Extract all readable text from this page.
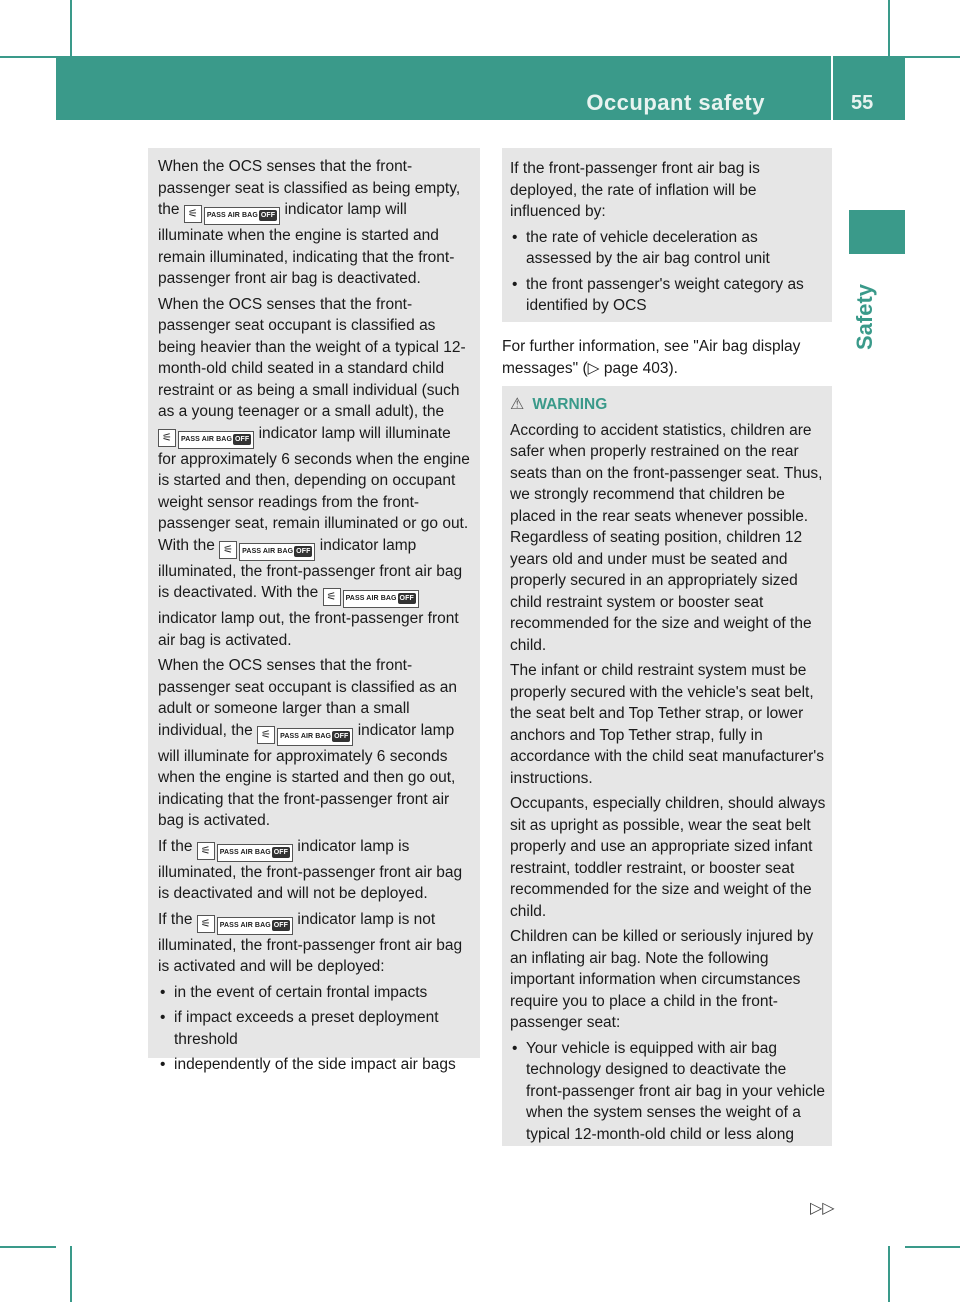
Occupant safety	55
Safety

When the OCS senses that the front-passenger seat is classified as being empty, the ⚟ PASS AIR BAG OFF indicator lamp will illuminate when the engine is started and remain illuminated, indicating that the front-passenger front air bag is deactivated.

When the OCS senses that the front-passenger seat occupant is classified as being heavier than the weight of a typical 12-month-old child seated in a standard child restraint or as being a small individual (such as a young teenager or a small adult), the ⚟ PASS AIR BAG OFF indicator lamp will illuminate for approximately 6 seconds when the engine is started and then, depending on occupant weight sensor readings from the front-passenger seat, remain illuminated or go out. With the ⚟ PASS AIR BAG OFF indicator lamp illuminated, the front-passenger front air bag is deactivated. With the ⚟ PASS AIR BAG OFF indicator lamp out, the front-passenger front air bag is activated.

When the OCS senses that the front-passenger seat occupant is classified as an adult or someone larger than a small individual, the ⚟ PASS AIR BAG OFF indicator lamp will illuminate for approximately 6 seconds when the engine is started and then go out, indicating that the front-passenger front air bag is activated.

If the ⚟ PASS AIR BAG OFF indicator lamp is illuminated, the front-passenger front air bag is deactivated and will not be deployed.

If the ⚟ PASS AIR BAG OFF indicator lamp is not illuminated, the front-passenger front air bag is activated and will be deployed:

• in the event of certain frontal impacts
• if impact exceeds a preset deployment threshold
• independently of the side impact air bags

If the front-passenger front air bag is deployed, the rate of inflation will be influenced by:

• the rate of vehicle deceleration as assessed by the air bag control unit
• the front passenger's weight category as identified by OCS
For further information, see "Air bag display messages" (▷ page 403).

⚠ WARNING

According to accident statistics, children are safer when properly restrained on the rear seats than on the front-passenger seat. Thus, we strongly recommend that children be placed in the rear seats whenever possible. Regardless of seating position, children 12 years old and under must be seated and properly secured in an appropriately sized child restraint system or booster seat recommended for the size and weight of the child.

The infant or child restraint system must be properly secured with the vehicle's seat belt, the seat belt and Top Tether strap, or lower anchors and Top Tether strap, fully in accordance with the child seat manufacturer's instructions.

Occupants, especially children, should always sit as upright as possible, wear the seat belt properly and use an appropriate sized infant restraint, toddler restraint, or booster seat recommended for the size and weight of the child.

Children can be killed or seriously injured by an inflating air bag. Note the following important information when circumstances require you to place a child in the front-passenger seat:

• Your vehicle is equipped with air bag technology designed to deactivate the front-passenger front air bag in your vehicle when the system senses the weight of a typical 12-month-old child or less along
▷▷
